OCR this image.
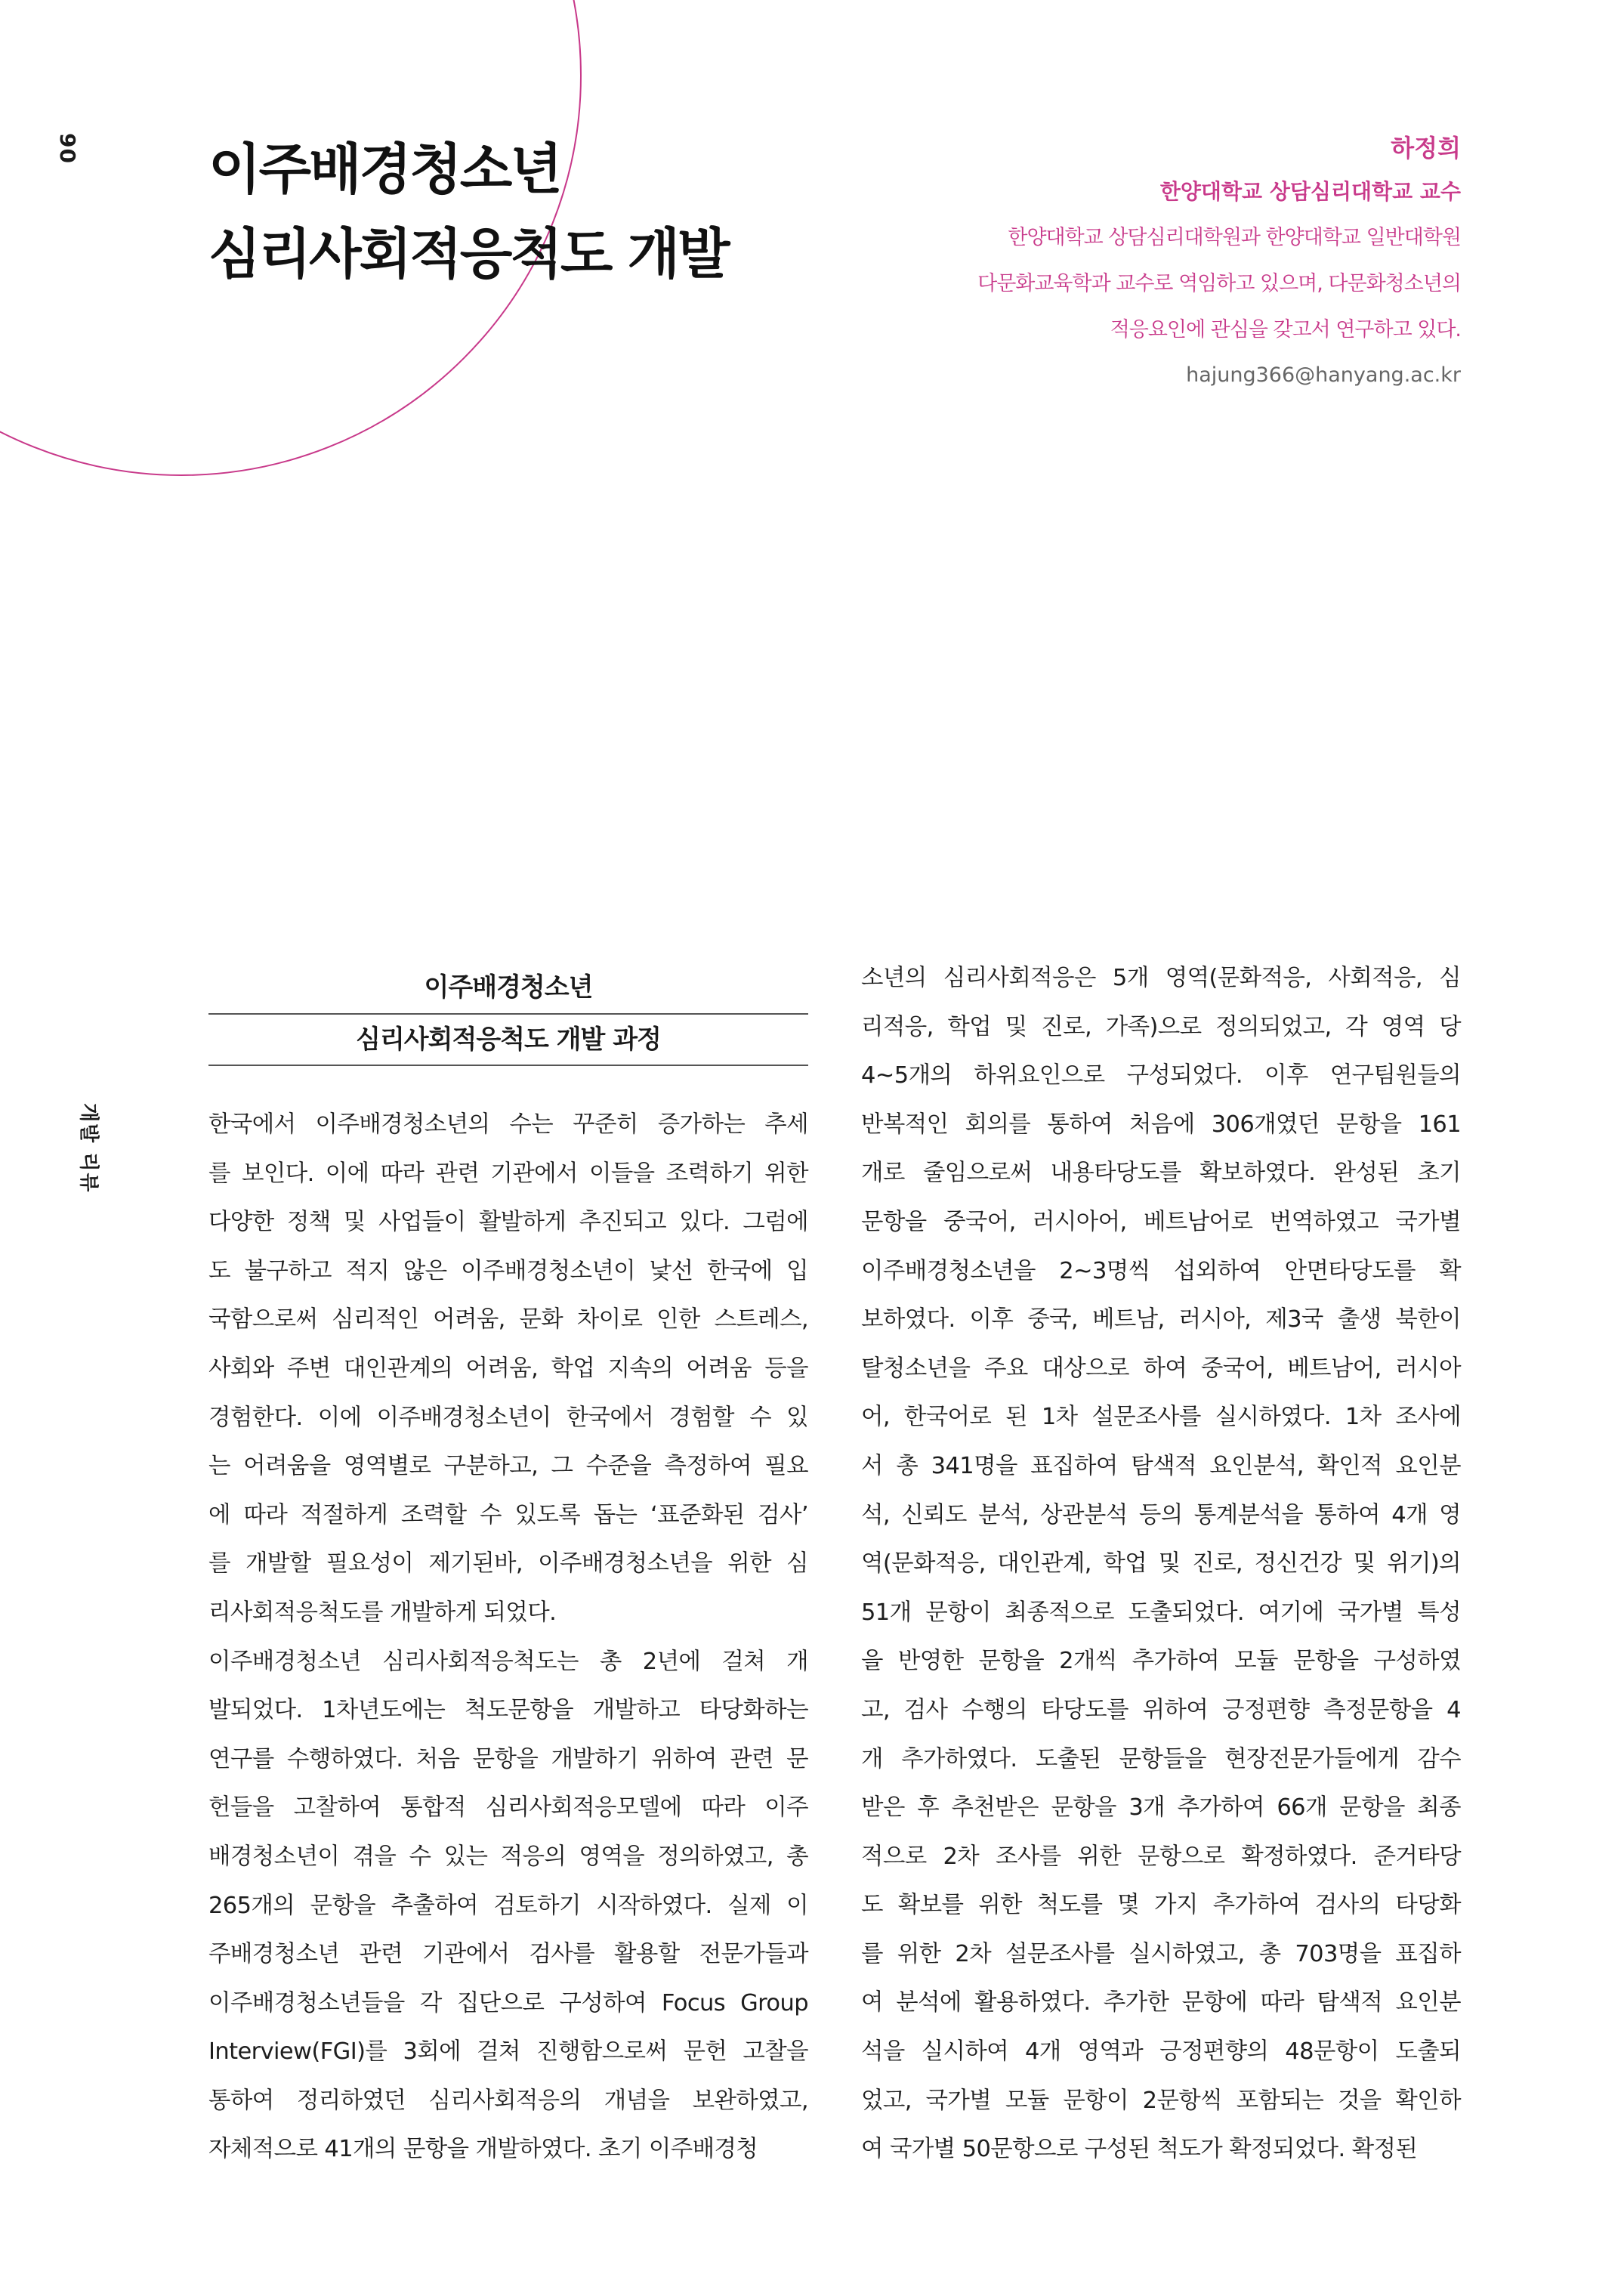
90
개발 리뷰
이주배경청소년
심리사회적응척도 개발
하정희
한양대학교 상담심리대학교 교수
한양대학교 상담심리대학원과 한양대학교 일반대학원
다문화교육학과 교수로 역임하고 있으며, 다문화청소년의
적응요인에 관심을 갖고서 연구하고 있다.
hajung366@hanyang.ac.kr
이주배경청소년
심리사회적응척도 개발 과정
한국에서 이주배경청소년의 수는 꾸준히 증가하는 추세
를 보인다. 이에 따라 관련 기관에서 이들을 조력하기 위한
다양한 정책 및 사업들이 활발하게 추진되고 있다. 그럼에
도 불구하고 적지 않은 이주배경청소년이 낯선 한국에 입
국함으로써 심리적인 어려움, 문화 차이로 인한 스트레스,
사회와 주변 대인관계의 어려움, 학업 지속의 어려움 등을
경험한다. 이에 이주배경청소년이 한국에서 경험할 수 있
는 어려움을 영역별로 구분하고, 그 수준을 측정하여 필요
에 따라 적절하게 조력할 수 있도록 돕는 ‘표준화된 검사’
를 개발할 필요성이 제기된바, 이주배경청소년을 위한 심
리사회적응척도를 개발하게 되었다.
이주배경청소년 심리사회적응척도는 총 2년에 걸쳐 개
발되었다. 1차년도에는 척도문항을 개발하고 타당화하는
연구를 수행하였다. 처음 문항을 개발하기 위하여 관련 문
헌들을 고찰하여 통합적 심리사회적응모델에 따라 이주
배경청소년이 겪을 수 있는 적응의 영역을 정의하였고, 총
265개의 문항을 추출하여 검토하기 시작하였다. 실제 이
주배경청소년 관련 기관에서 검사를 활용할 전문가들과
이주배경청소년들을 각 집단으로 구성하여 Focus Group
Interview(FGI)를 3회에 걸쳐 진행함으로써 문헌 고찰을
통하여 정리하였던 심리사회적응의 개념을 보완하였고,
자체적으로 41개의 문항을 개발하였다. 초기 이주배경청
소년의 심리사회적응은 5개 영역(문화적응, 사회적응, 심
리적응, 학업 및 진로, 가족)으로 정의되었고, 각 영역 당
4~5개의 하위요인으로 구성되었다. 이후 연구팀원들의
반복적인 회의를 통하여 처음에 306개였던 문항을 161
개로 줄임으로써 내용타당도를 확보하였다. 완성된 초기
문항을 중국어, 러시아어, 베트남어로 번역하였고 국가별
이주배경청소년을 2~3명씩 섭외하여 안면타당도를 확
보하였다. 이후 중국, 베트남, 러시아, 제3국 출생 북한이
탈청소년을 주요 대상으로 하여 중국어, 베트남어, 러시아
어, 한국어로 된 1차 설문조사를 실시하였다. 1차 조사에
서 총 341명을 표집하여 탐색적 요인분석, 확인적 요인분
석, 신뢰도 분석, 상관분석 등의 통계분석을 통하여 4개 영
역(문화적응, 대인관계, 학업 및 진로, 정신건강 및 위기)의
51개 문항이 최종적으로 도출되었다. 여기에 국가별 특성
을 반영한 문항을 2개씩 추가하여 모듈 문항을 구성하였
고, 검사 수행의 타당도를 위하여 긍정편향 측정문항을 4
개 추가하였다. 도출된 문항들을 현장전문가들에게 감수
받은 후 추천받은 문항을 3개 추가하여 66개 문항을 최종
적으로 2차 조사를 위한 문항으로 확정하였다. 준거타당
도 확보를 위한 척도를 몇 가지 추가하여 검사의 타당화
를 위한 2차 설문조사를 실시하였고, 총 703명을 표집하
여 분석에 활용하였다. 추가한 문항에 따라 탐색적 요인분
석을 실시하여 4개 영역과 긍정편향의 48문항이 도출되
었고, 국가별 모듈 문항이 2문항씩 포함되는 것을 확인하
여 국가별 50문항으로 구성된 척도가 확정되었다. 확정된
